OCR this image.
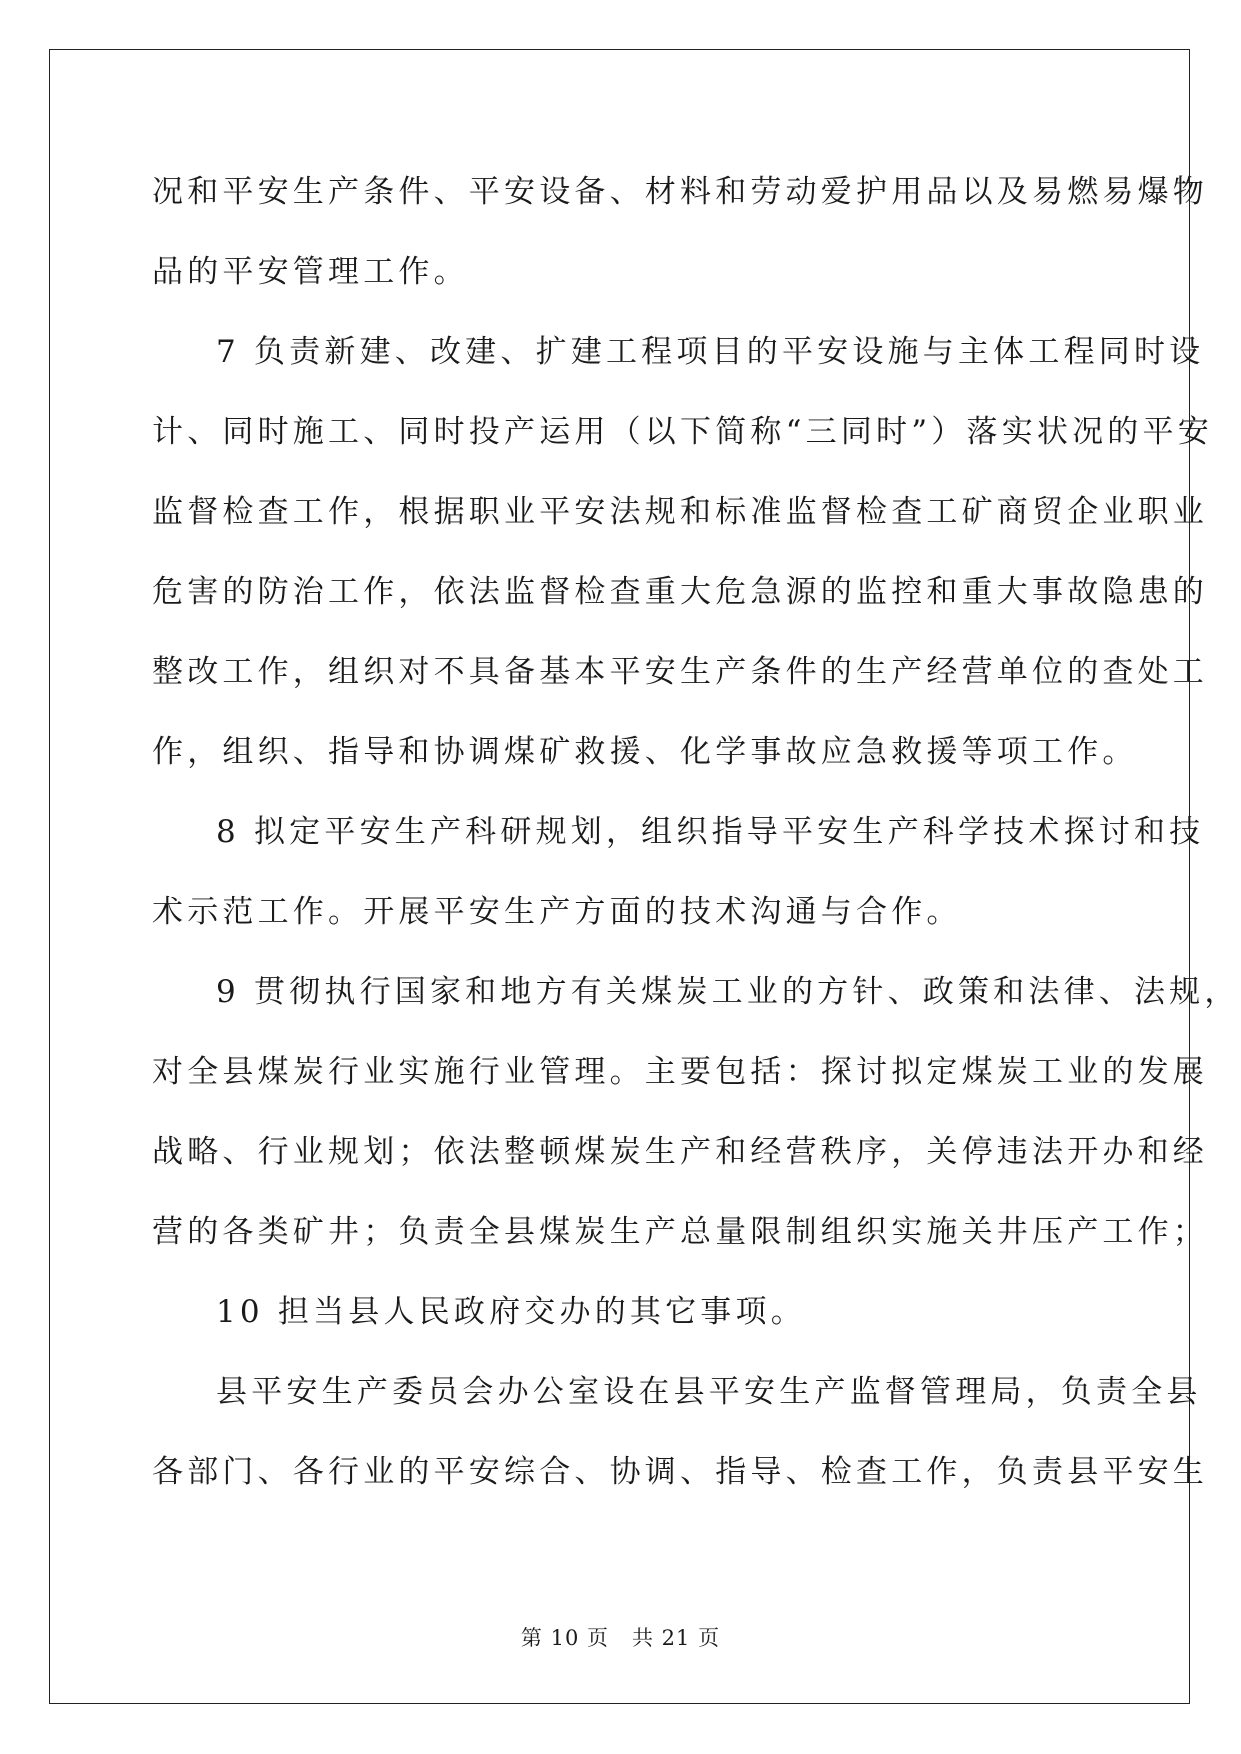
况和平安生产条件、平安设备、材料和劳动爱护用品以及易燃易爆物
品的平安管理工作。
7 负责新建、改建、扩建工程项目的平安设施与主体工程同时设
计、同时施工、同时投产运用（以下简称“三同时”）落实状况的平安
监督检查工作，根据职业平安法规和标准监督检查工矿商贸企业职业
危害的防治工作，依法监督检查重大危急源的监控和重大事故隐患的
整改工作，组织对不具备基本平安生产条件的生产经营单位的查处工
作，组织、指导和协调煤矿救援、化学事故应急救援等项工作。
8 拟定平安生产科研规划，组织指导平安生产科学技术探讨和技
术示范工作。开展平安生产方面的技术沟通与合作。
9 贯彻执行国家和地方有关煤炭工业的方针、政策和法律、法规，
对全县煤炭行业实施行业管理。主要包括：探讨拟定煤炭工业的发展
战略、行业规划；依法整顿煤炭生产和经营秩序，关停违法开办和经
营的各类矿井；负责全县煤炭生产总量限制组织实施关井压产工作；
10 担当县人民政府交办的其它事项。
县平安生产委员会办公室设在县平安生产监督管理局，负责全县
各部门、各行业的平安综合、协调、指导、检查工作，负责县平安生
第 10 页   共 21 页
